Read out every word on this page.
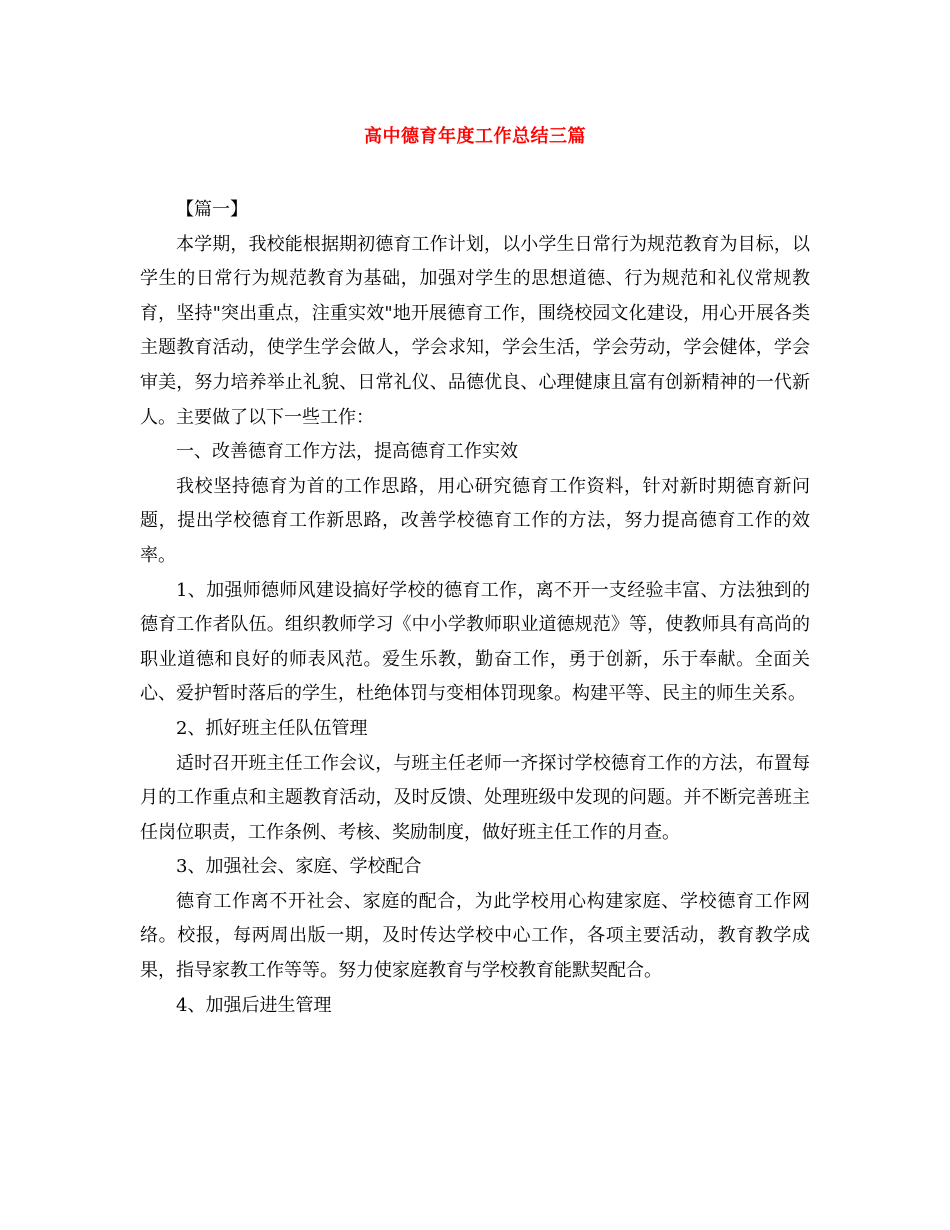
高中德育年度工作总结三篇

【篇一】

本学期，我校能根据期初德育工作计划，以小学生日常行为规范教育为目标，以学生的日常行为规范教育为基础，加强对学生的思想道德、行为规范和礼仪常规教育，坚持"突出重点，注重实效"地开展德育工作，围绕校园文化建设，用心开展各类主题教育活动，使学生学会做人，学会求知，学会生活，学会劳动，学会健体，学会审美，努力培养举止礼貌、日常礼仪、品德优良、心理健康且富有创新精神的一代新人。主要做了以下一些工作：

一、改善德育工作方法，提高德育工作实效

我校坚持德育为首的工作思路，用心研究德育工作资料，针对新时期德育新问题，提出学校德育工作新思路，改善学校德育工作的方法，努力提高德育工作的效率。

1、加强师德师风建设搞好学校的德育工作，离不开一支经验丰富、方法独到的德育工作者队伍。组织教师学习《中小学教师职业道德规范》等，使教师具有高尚的职业道德和良好的师表风范。爱生乐教，勤奋工作，勇于创新，乐于奉献。全面关心、爱护暂时落后的学生，杜绝体罚与变相体罚现象。构建平等、民主的师生关系。

2、抓好班主任队伍管理

适时召开班主任工作会议，与班主任老师一齐探讨学校德育工作的方法，布置每月的工作重点和主题教育活动，及时反馈、处理班级中发现的问题。并不断完善班主任岗位职责，工作条例、考核、奖励制度，做好班主任工作的月查。

3、加强社会、家庭、学校配合

德育工作离不开社会、家庭的配合，为此学校用心构建家庭、学校德育工作网络。校报，每两周出版一期，及时传达学校中心工作，各项主要活动，教育教学成果，指导家教工作等等。努力使家庭教育与学校教育能默契配合。

4、加强后进生管理
